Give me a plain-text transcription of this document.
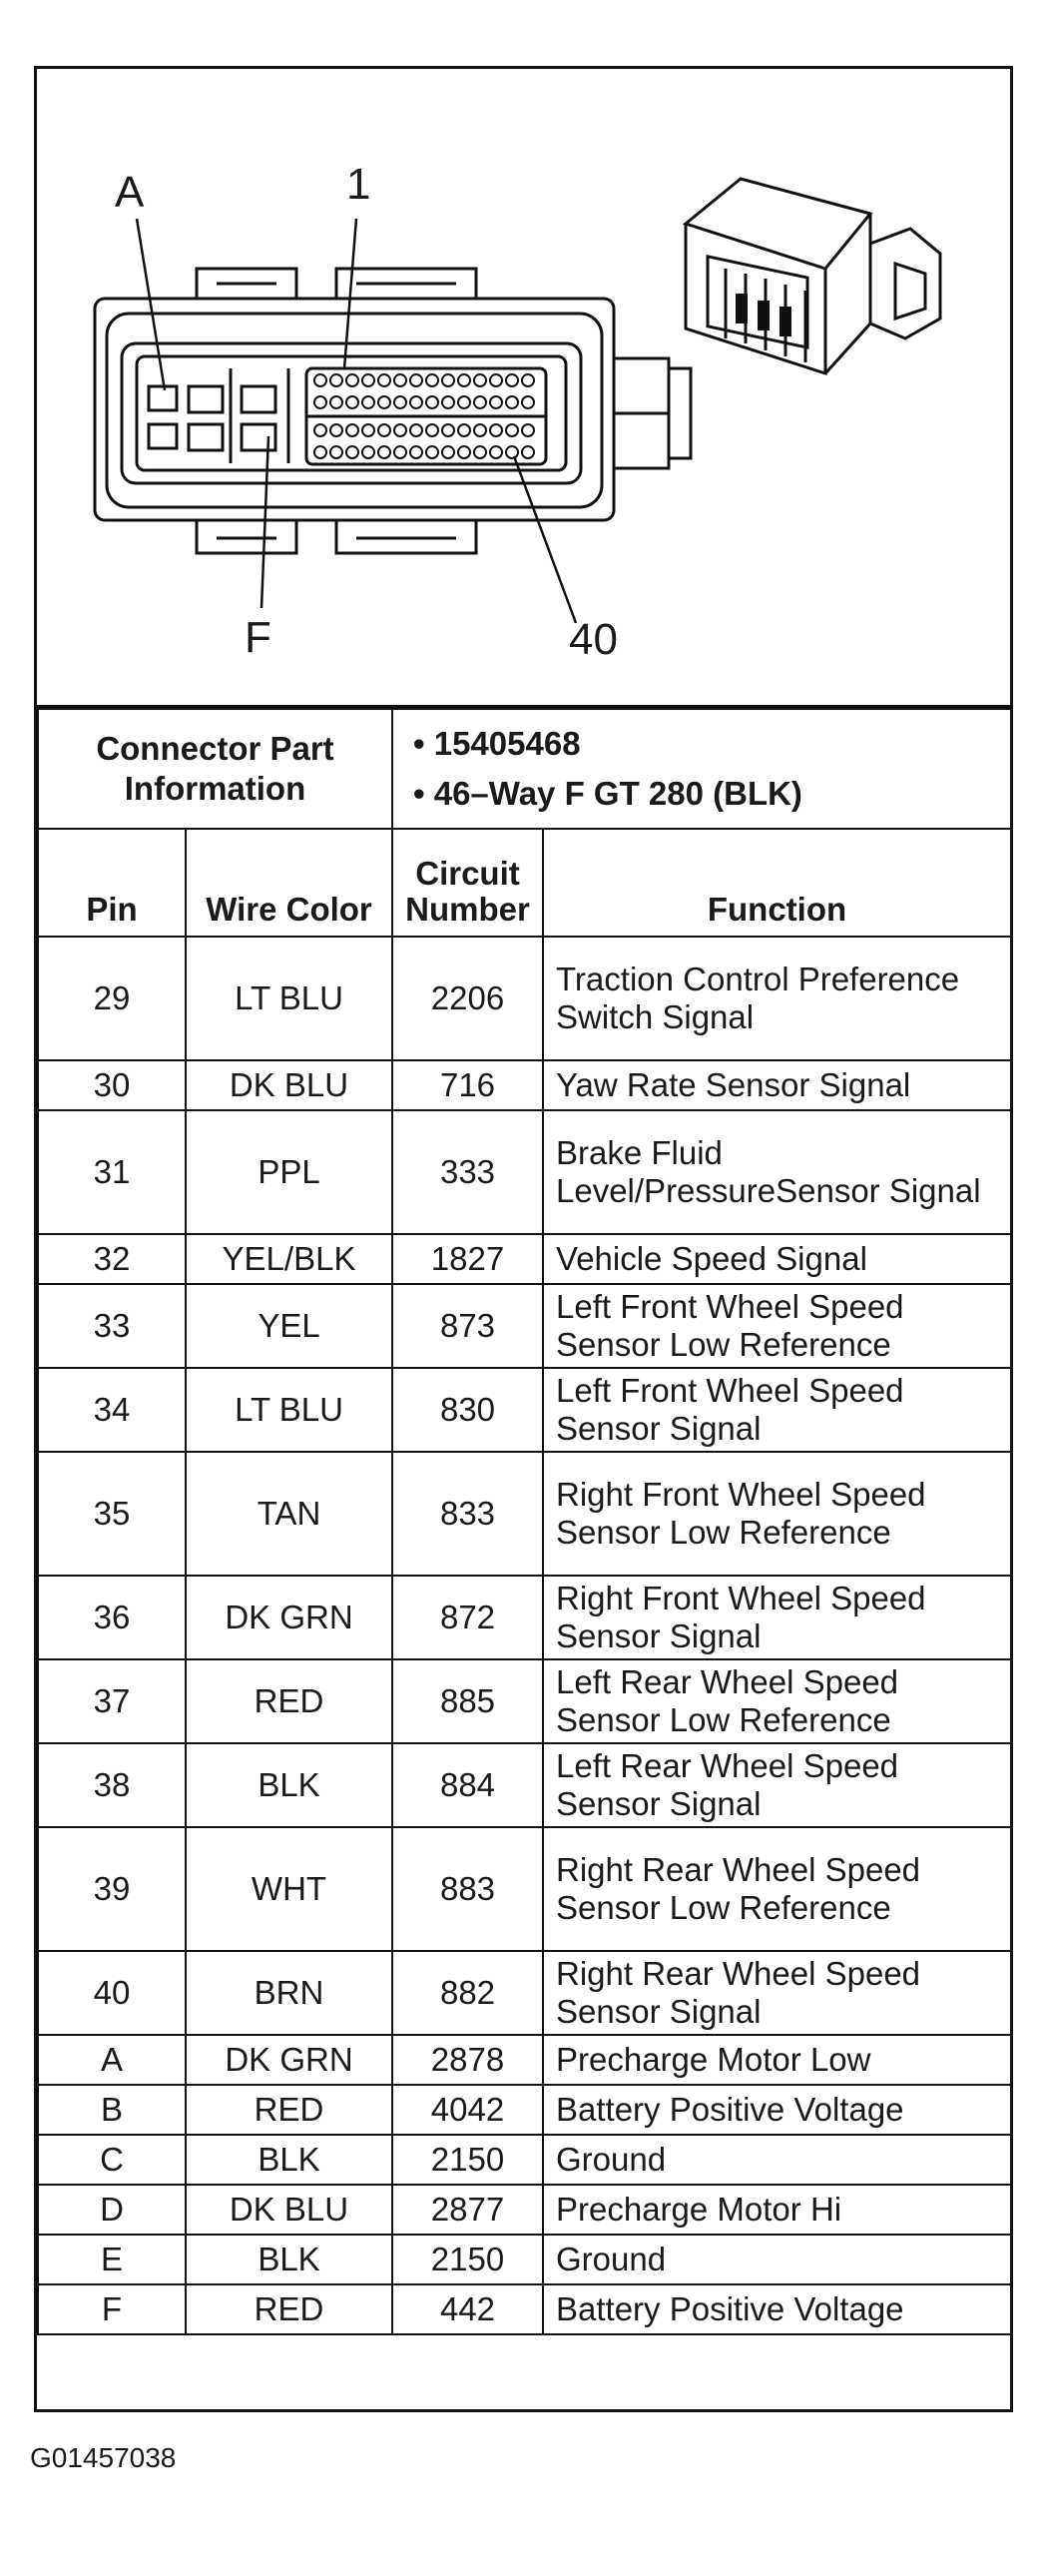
A	1
F	40
Connector Part Information		• 15405468
• 46–Way F GT 280 (BLK)	

Pin	Wire Color	Circuit Number	Function
29	LT BLU	2206	Traction Control Preference Switch Signal
30	DK BLU	716	Yaw Rate Sensor Signal
31	PPL	333	Brake Fluid Level/PressureSensor Signal
32	YEL/BLK	1827	Vehicle Speed Signal
33	YEL	873	Left Front Wheel Speed Sensor Low Reference
34	LT BLU	830	Left Front Wheel Speed Sensor Signal
35	TAN	833	Right Front Wheel Speed Sensor Low Reference
36	DK GRN	872	Right Front Wheel Speed Sensor Signal
37	RED	885	Left Rear Wheel Speed Sensor Low Reference
38	BLK	884	Left Rear Wheel Speed Sensor Signal
39	WHT	883	Right Rear Wheel Speed Sensor Low Reference
40	BRN	882	Right Rear Wheel Speed Sensor Signal
A	DK GRN	2878	Precharge Motor Low
B	RED	4042	Battery Positive Voltage
C	BLK	2150	Ground
D	DK BLU	2877	Precharge Motor Hi
E	BLK	2150	Ground
F	RED	442	Battery Positive Voltage
G01457038
